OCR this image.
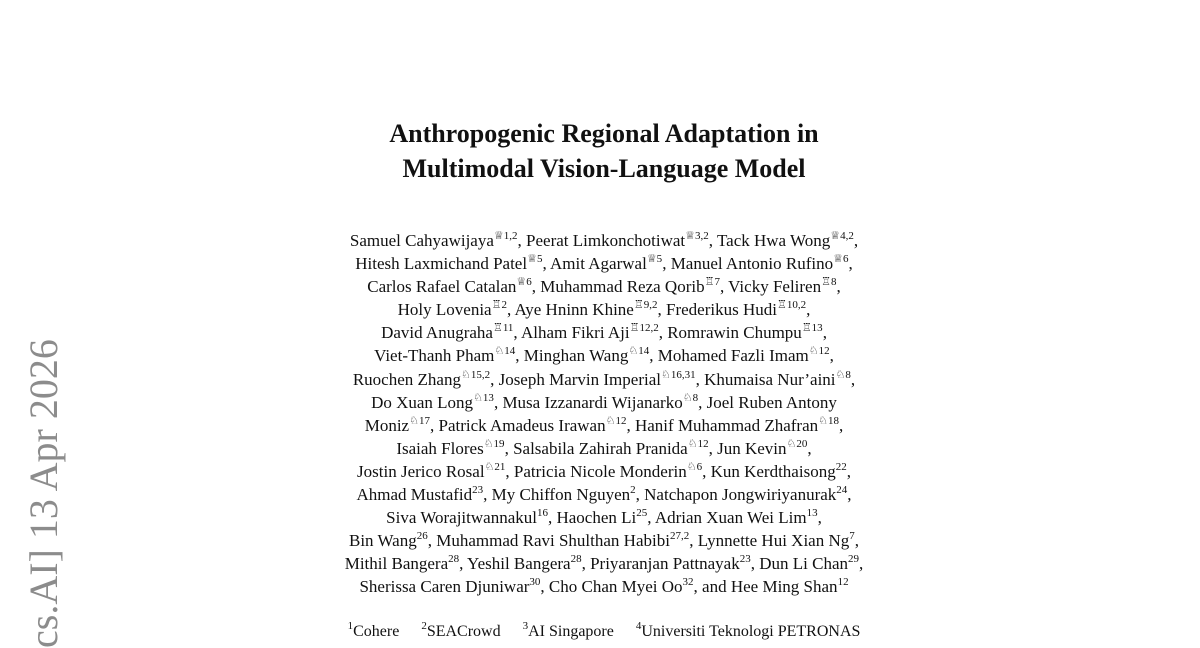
cs.AI] 13 Apr 2026
Anthropogenic Regional Adaptation in
Multimodal Vision-Language Model
Samuel Cahyawijaya$^{♕1,2}$, Peerat Limkonchotiwat$^{♕3,2}$, Tack Hwa Wong$^{♕4,2}$,
Hitesh Laxmichand Patel$^{♕5}$, Amit Agarwal$^{♕5}$, Manuel Antonio Rufino$^{♕6}$,
Carlos Rafael Catalan$^{♕6}$, Muhammad Reza Qorib$^{♖7}$, Vicky Feliren$^{♖8}$,
Holy Lovenia$^{♖2}$, Aye Hninn Khine$^{♖9,2}$, Frederikus Hudi$^{♖10,2}$,
David Anugraha$^{♖11}$, Alham Fikri Aji$^{♖12,2}$, Romrawin Chumpu$^{♖13}$,
Viet-Thanh Pham$^{♘14}$, Minghan Wang$^{♘14}$, Mohamed Fazli Imam$^{♘12}$,
Ruochen Zhang$^{♘15,2}$, Joseph Marvin Imperial$^{♘16,31}$, Khumaisa Nur’aini$^{♘8}$,
Do Xuan Long$^{♘13}$, Musa Izzanardi Wijanarko$^{♘8}$, Joel Ruben Antony
Moniz$^{♘17}$, Patrick Amadeus Irawan$^{♘12}$, Hanif Muhammad Zhafran$^{♘18}$,
Isaiah Flores$^{♘19}$, Salsabila Zahirah Pranida$^{♘12}$, Jun Kevin$^{♘20}$,
Jostin Jerico Rosal$^{♘21}$, Patricia Nicole Monderin$^{♘6}$, Kun Kerdthaisong$^{22}$,
Ahmad Mustafid$^{23}$, My Chiffon Nguyen$^2$, Natchapon Jongwiriyanurak$^{24}$,
Siva Worajitwannakul$^{16}$, Haochen Li$^{25}$, Adrian Xuan Wei Lim$^{13}$,
Bin Wang$^{26}$, Muhammad Ravi Shulthan Habibi$^{27,2}$, Lynnette Hui Xian Ng$^7$,
Mithil Bangera$^{28}$, Yeshil Bangera$^{28}$, Priyaranjan Pattnayak$^{23}$, Dun Li Chan$^{29}$,
Sherissa Caren Djuniwar$^{30}$, Cho Chan Myei Oo$^{32}$, and Hee Ming Shan$^{12}$
$^1$Cohere $^2$SEACrowd $^3$AI Singapore $^4$Universiti Teknologi PETRONAS
